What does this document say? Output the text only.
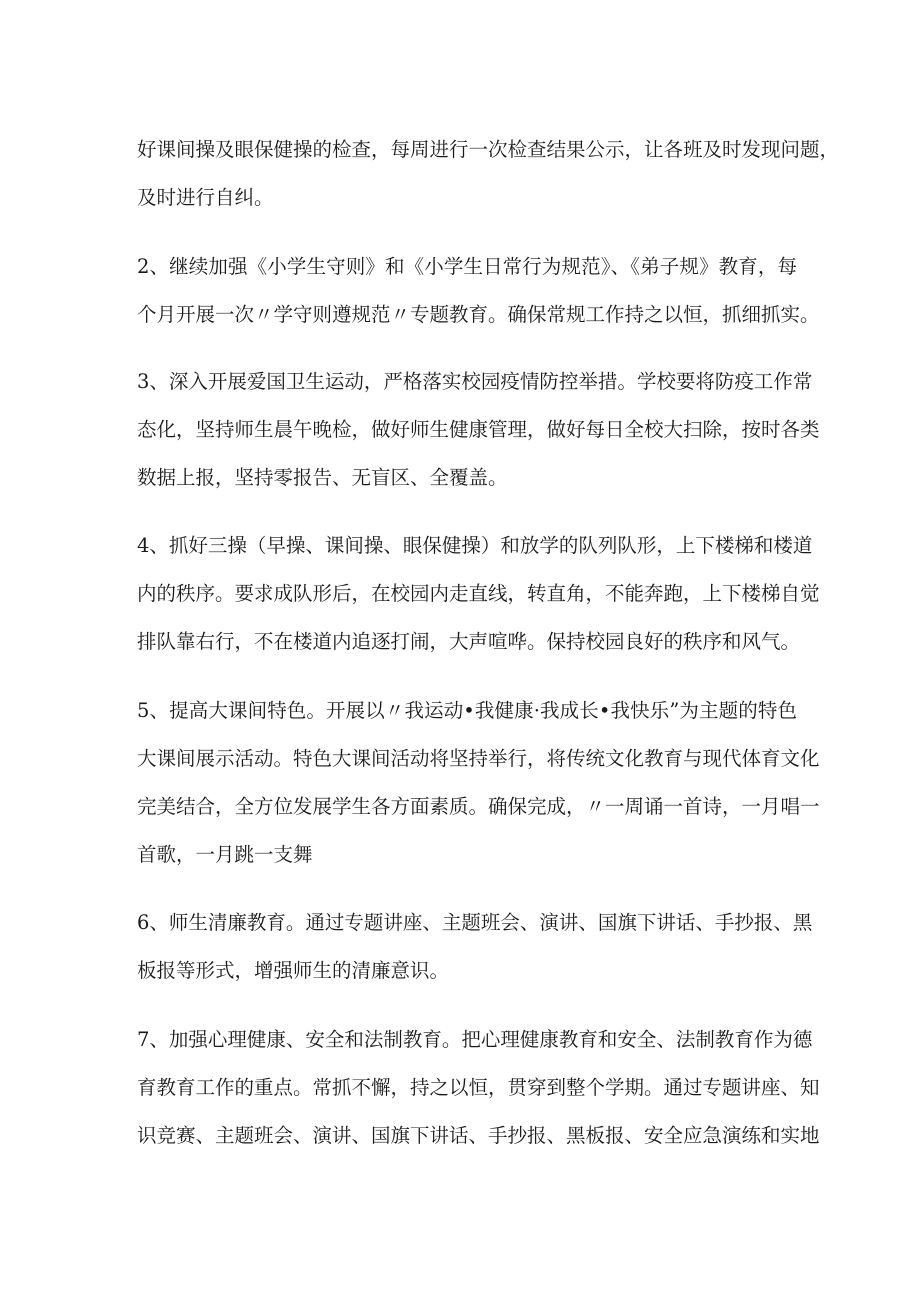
好课间操及眼保健操的检查，每周进行一次检查结果公示，让各班及时发现问题，
及时进行自纠。

2、继续加强《小学生守则》和《小学生日常行为规范》、《弟子规》教育，每
个月开展一次〃学守则遵规范〃专题教育。确保常规工作持之以恒，抓细抓实。

3、深入开展爱国卫生运动，严格落实校园疫情防控举措。学校要将防疫工作常
态化，坚持师生晨午晚检，做好师生健康管理，做好每日全校大扫除，按时各类
数据上报，坚持零报告、无盲区、全覆盖。

4、抓好三操（早操、课间操、眼保健操）和放学的队列队形，上下楼梯和楼道
内的秩序。要求成队形后，在校园内走直线，转直角，不能奔跑，上下楼梯自觉
排队靠右行，不在楼道内追逐打闹，大声喧哗。保持校园良好的秩序和风气。

5、提高大课间特色。开展以〃我运动•我健康·我成长•我快乐”为主题的特色
大课间展示活动。特色大课间活动将坚持举行，将传统文化教育与现代体育文化
完美结合，全方位发展学生各方面素质。确保完成，〃一周诵一首诗，一月唱一
首歌，一月跳一支舞

6、师生清廉教育。通过专题讲座、主题班会、演讲、国旗下讲话、手抄报、黑
板报等形式，增强师生的清廉意识。

7、加强心理健康、安全和法制教育。把心理健康教育和安全、法制教育作为德
育教育工作的重点。常抓不懈，持之以恒，贯穿到整个学期。通过专题讲座、知
识竞赛、主题班会、演讲、国旗下讲话、手抄报、黑板报、安全应急演练和实地
